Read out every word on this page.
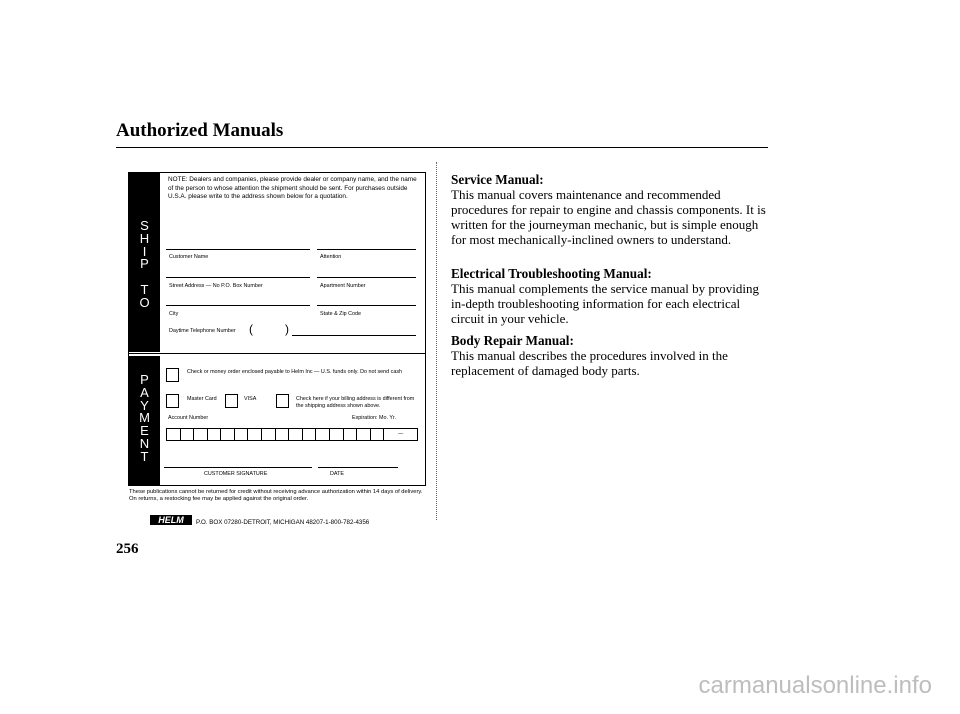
Authorized Manuals
S
H
I
P
T
O
P
A
Y
M
E
N
T
NOTE: Dealers and companies, please provide dealer or company name, and the name of the person to whose attention the shipment should be sent. For purchases outside U.S.A. please write to the address shown below for a quotation.
Customer Name	Attention
Street Address — No P.O. Box Number	Apartment Number
City	State & Zip Code
Daytime Telephone Number (	)
Check or money order enclosed payable to Helm Inc — U.S. funds only. Do not send cash
Master Card	VISA	Check here if your billing address is different from the shipping address shown above.
Account Number	Expiration: Mo. Yr.
—
CUSTOMER SIGNATURE	DATE
These publications cannot be returned for credit without receiving advance authorization within 14 days of delivery. On returns, a restocking fee may be applied against the original order.
HELM	P.O. BOX 07280-DETROIT, MICHIGAN 48207-1-800-782-4356
256
Service Manual:

This manual covers maintenance and recommended procedures for repair to engine and chassis components. It is written for the journeyman mechanic, but is simple enough for most mechanically-inclined owners to understand.

Electrical Troubleshooting Manual:

This manual complements the service manual by providing in-depth troubleshooting information for each electrical circuit in your vehicle.

Body Repair Manual:

This manual describes the procedures involved in the replacement of damaged body parts.

carmanualsonline.info
